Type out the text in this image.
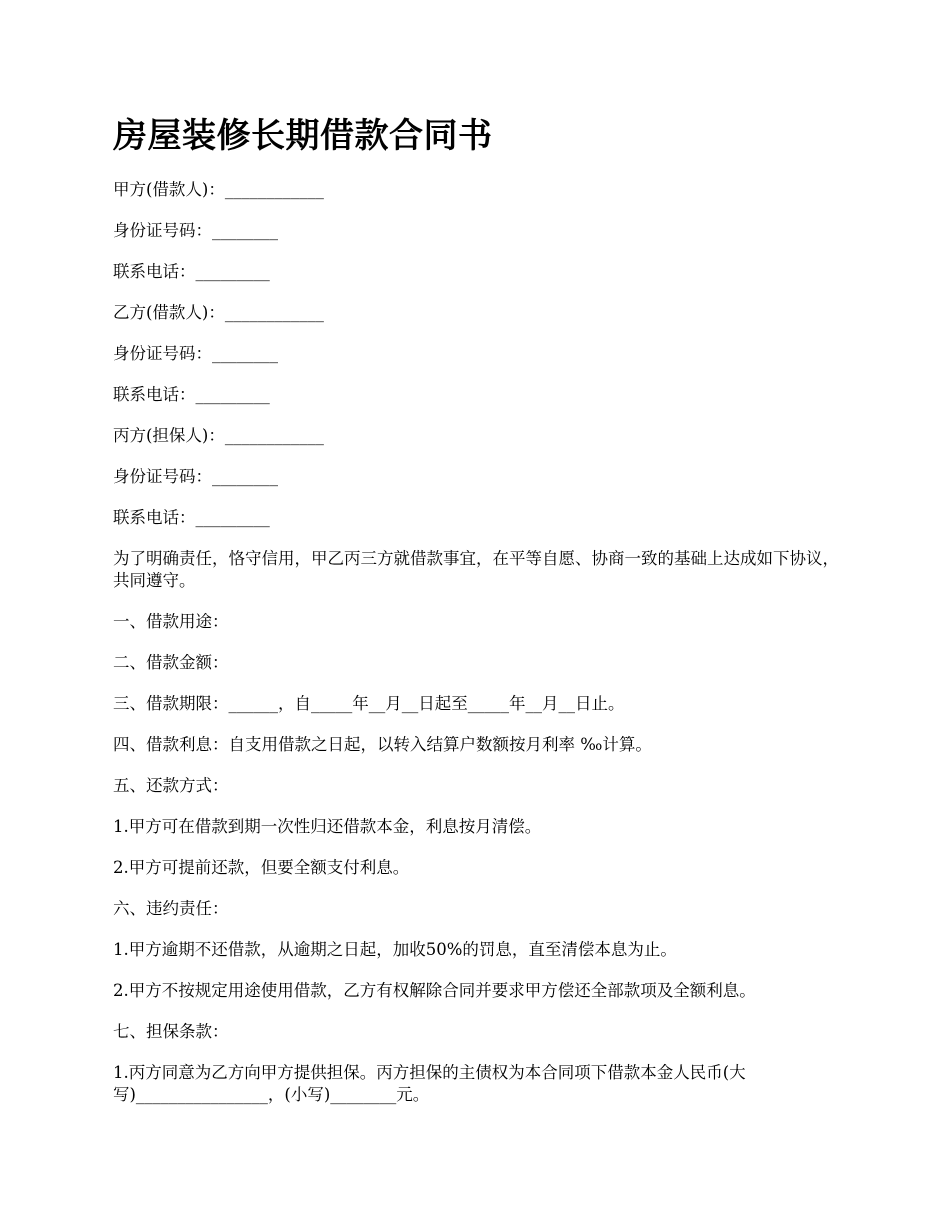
房屋装修长期借款合同书

甲方(借款人)：____________

身份证号码：________

联系电话：_________

乙方(借款人)：____________

身份证号码：________

联系电话：_________

丙方(担保人)：____________

身份证号码：________

联系电话：_________

为了明确责任，恪守信用，甲乙丙三方就借款事宜，在平等自愿、协商一致的基础上达成如下协议，共同遵守。

一、借款用途：

二、借款金额：

三、借款期限：______，自_____年__月__日起至_____年__月__日止。

四、借款利息：自支用借款之日起，以转入结算户数额按月利率 ‰计算。

五、还款方式：

1.甲方可在借款到期一次性归还借款本金，利息按月清偿。

2.甲方可提前还款，但要全额支付利息。

六、违约责任：

1.甲方逾期不还借款，从逾期之日起，加收50%的罚息，直至清偿本息为止。

2.甲方不按规定用途使用借款，乙方有权解除合同并要求甲方偿还全部款项及全额利息。

七、担保条款：

1.丙方同意为乙方向甲方提供担保。丙方担保的主债权为本合同项下借款本金人民币(大写)________________，(小写)________元。
